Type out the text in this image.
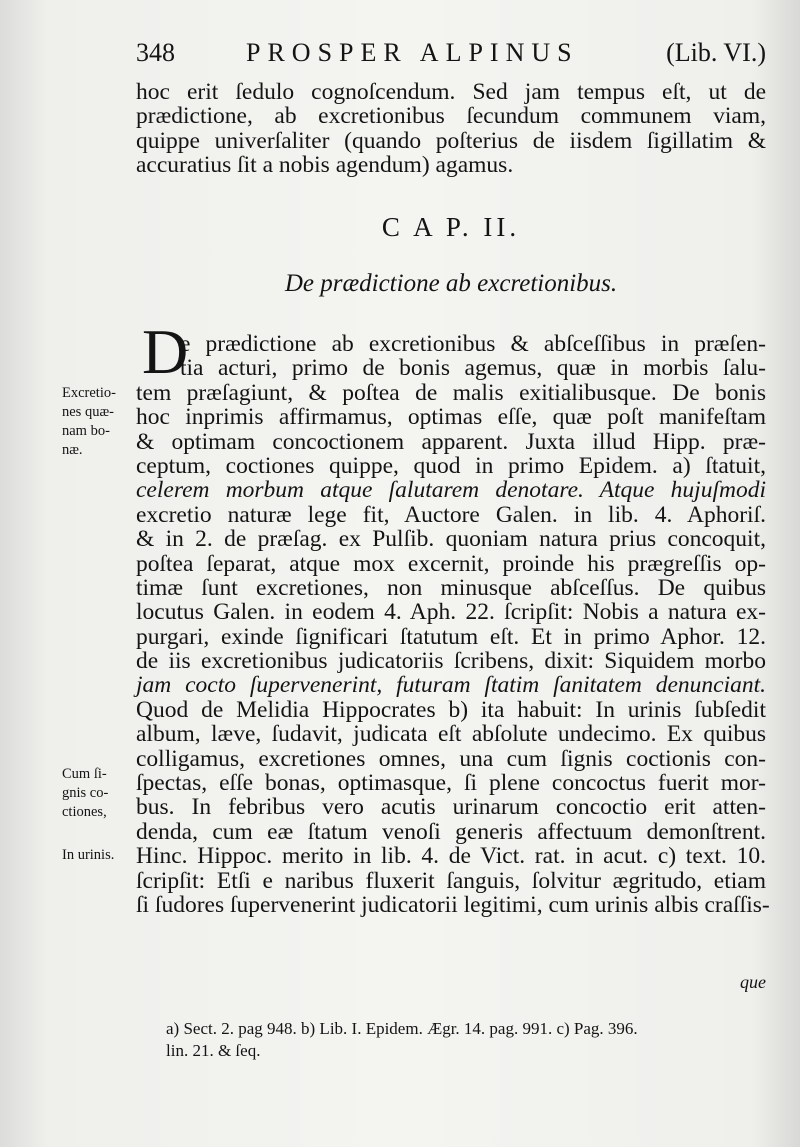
348	PROSPER ALPINUS	(Lib. VI.)
hoc erit ſedulo cognoſcendum. Sed jam tempus eſt, ut de
prædictione, ab excretionibus ſecundum communem viam,
quippe univerſaliter (quando poſterius de iisdem ſigillatim &
accuratius ſit a nobis agendum) agamus.
C A P. II.
De prædictione ab excretionibus.
D
e prædictione ab excretionibus & abſceſſibus in præſen-
tia acturi, primo de bonis agemus, quæ in morbis ſalu-
tem præſagiunt, & poſtea de malis exitialibusque. De bonis
hoc inprimis affirmamus, optimas eſſe, quæ poſt manifeſtam
& optimam concoctionem apparent. Juxta illud Hipp. præ-
ceptum, coctiones quippe, quod in primo Epidem. a) ſtatuit,
celerem morbum atque ſalutarem denotare. Atque hujuſmodi
excretio naturæ lege fit, Auctore Galen. in lib. 4. Aphoriſ.
& in 2. de præſag. ex Pulſib. quoniam natura prius concoquit,
poſtea ſeparat, atque mox excernit, proinde his prægreſſis op-
timæ ſunt excretiones, non minusque abſceſſus. De quibus
locutus Galen. in eodem 4. Aph. 22. ſcripſit: Nobis a natura ex-
purgari, exinde ſignificari ſtatutum eſt. Et in primo Aphor. 12.
de iis excretionibus judicatoriis ſcribens, dixit: Siquidem morbo
jam cocto ſupervenerint, futuram ſtatim ſanitatem denunciant.
Quod de Melidia Hippocrates b) ita habuit: In urinis ſubſedit
album, læve, ſudavit, judicata eſt abſolute undecimo. Ex quibus
colligamus, excretiones omnes, una cum ſignis coctionis con-
ſpectas, eſſe bonas, optimasque, ſi plene concoctus fuerit mor-
bus. In febribus vero acutis urinarum concoctio erit atten-
denda, cum eæ ſtatum venoſi generis affectuum demonſtrent.
Hinc. Hippoc. merito in lib. 4. de Vict. rat. in acut. c) text. 10.
ſcripſit: Etſi e naribus fluxerit ſanguis, ſolvitur ægritudo, etiam
ſi ſudores ſupervenerint judicatorii legitimi, cum urinis albis craſſis-
que
Excretio-
nes quæ-
nam bo-
næ.
Cum ſi-
gnis co-
ctiones,
In urinis.
a) Sect. 2. pag 948. b) Lib. I. Epidem. Ægr. 14. pag. 991. c) Pag. 396.
lin. 21. & ſeq.
